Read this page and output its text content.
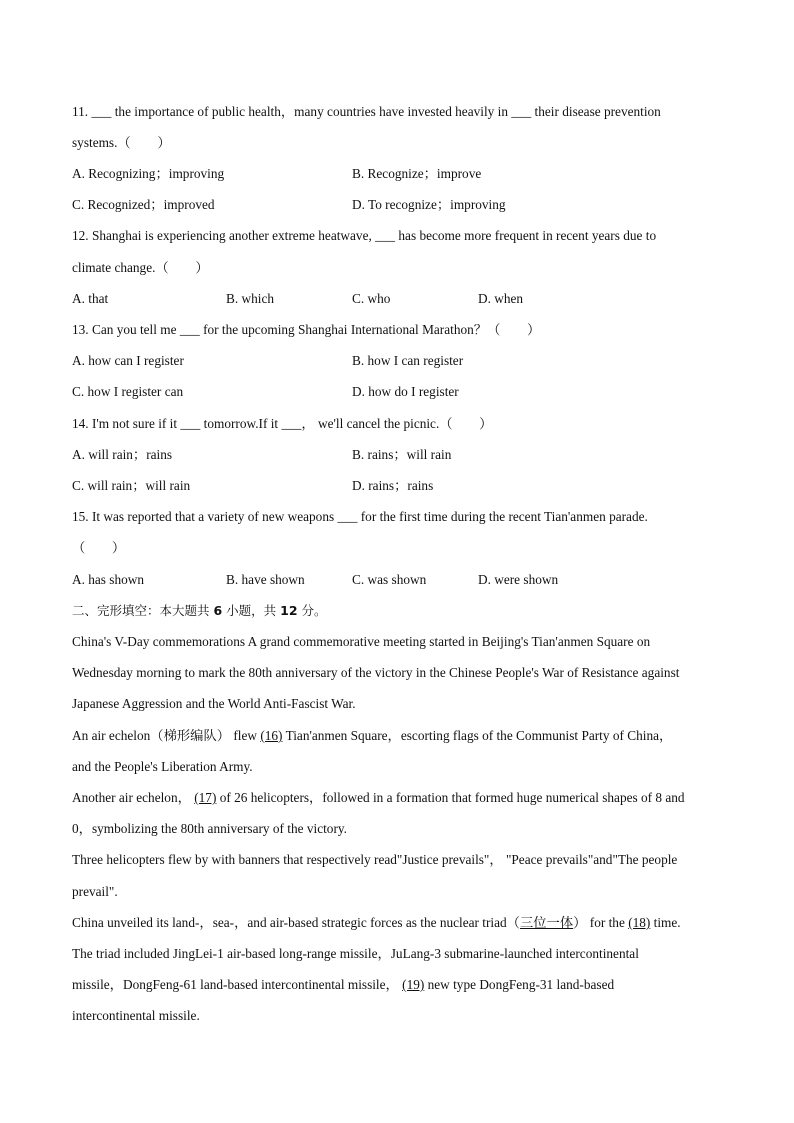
11. ___ the importance of public health，many countries have invested heavily in ___ their disease prevention
systems.（　　）
A. Recognizing；improving	B. Recognize；improve
C. Recognized；improved	D. To recognize；improving
12. Shanghai is experiencing another extreme heatwave, ___ has become more frequent in recent years due to
climate change.（　　）
A. that	B. which	C. who	D. when
13. Can you tell me ___ for the upcoming Shanghai International Marathon？（　　）
A. how can I register	B. how I can register
C. how I register can	D. how do I register
14. I'm not sure if it ___ tomorrow.If it ___， we'll cancel the picnic.（　　）
A. will rain；rains	B. rains；will rain
C. will rain；will rain	D. rains；rains
15. It was reported that a variety of new weapons ___ for the first time during the recent Tian'anmen parade.
（　　）
A. has shown	B. have shown	C. was shown	D. were shown
二、完形填空：本大题共 6 小题，共 12 分。
China's V-Day commemorations A grand commemorative meeting started in Beijing's Tian'anmen Square on
Wednesday morning to mark the 80th anniversary of the victory in the Chinese People's War of Resistance against
Japanese Aggression and the World Anti-Fascist War.
An air echelon（梯形编队） flew (16) Tian'anmen Square，escorting flags of the Communist Party of China，
and the People's Liberation Army.
Another air echelon， (17) of 26 helicopters，followed in a formation that formed huge numerical shapes of 8 and
0，symbolizing the 80th anniversary of the victory.
Three helicopters flew by with banners that respectively read"Justice prevails"， "Peace prevails"and"The people
prevail".
China unveiled its land-，sea-，and air-based strategic forces as the nuclear triad（三位一体） for the (18) time.
The triad included JingLei-1 air-based long-range missile，JuLang-3 submarine-launched intercontinental
missile，DongFeng-61 land-based intercontinental missile， (19) new type DongFeng-31 land-based
intercontinental missile.
